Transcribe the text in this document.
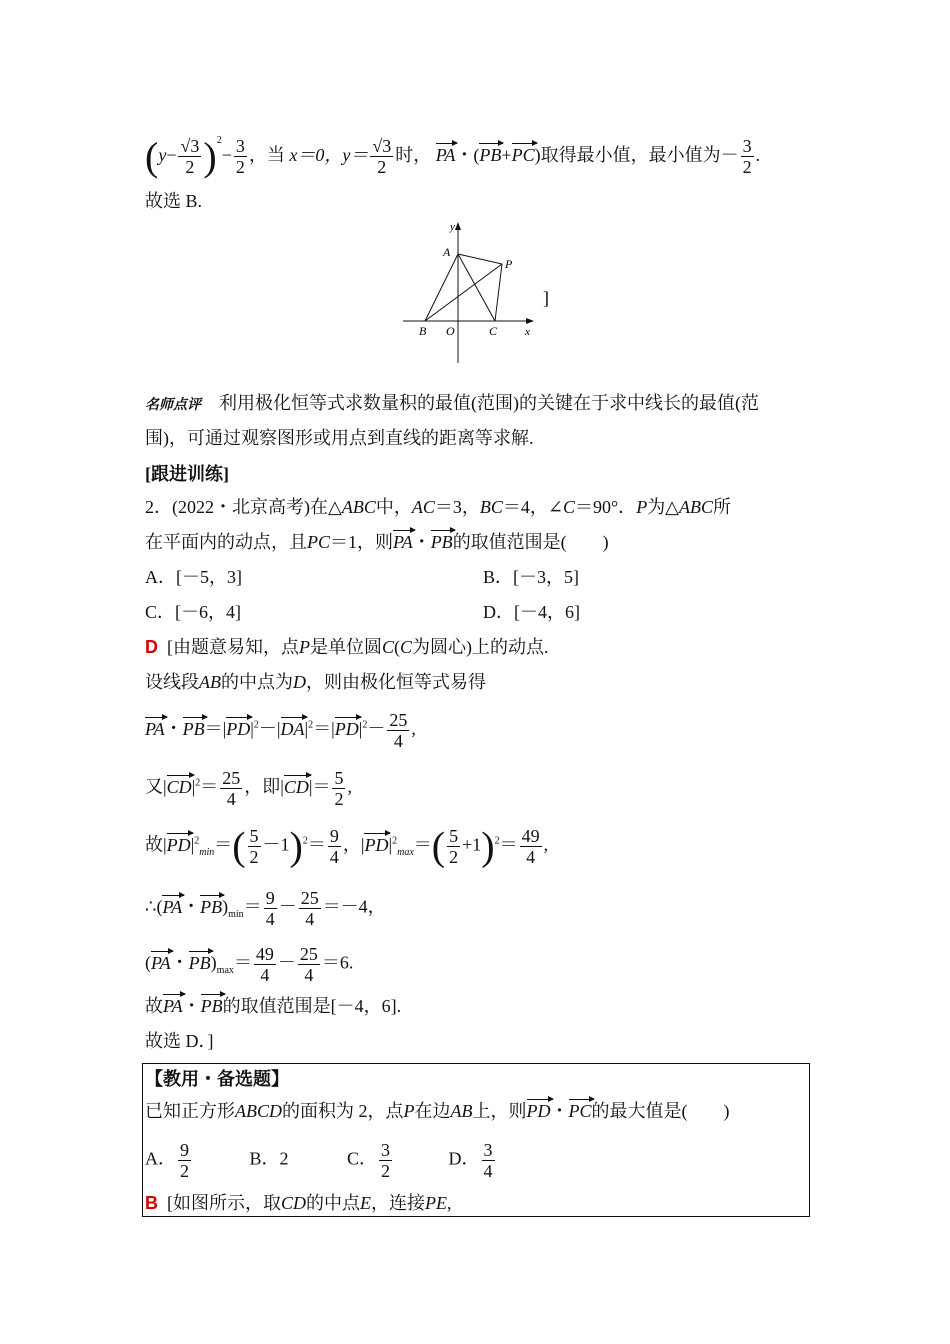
$(y- \frac{√3}{2} )^2- \frac{3}{2}$ ，当 x＝0，$y= \frac{√3}{2}$ 时， PA・(PB+PC)取得最小值，最小值为－ $\frac{3}{2}$ .
故选 B.
y
A
P
B O	C	x
]
名师点评 利用极化恒等式求数量积的最值(范围)的关键在于求中线长的最值(范
围)，可通过观察图形或用点到直线的距离等求解.
[跟进训练]
2．(2022・北京高考)在△ABC中，AC＝3，BC＝4，∠C＝90°．P为△ABC所
在平面内的动点，且PC＝1，则PA・PB的取值范围是(　　)
A．[－5，3]	B．[－3，5]
C．[－6，4]	D．[－4，6]
D [由题意易知，点P是单位圆C(C为圆心)上的动点.
设线段AB的中点为D，则由极化恒等式易得
PA・$PB=|PD|^2-|DA|^2=|PD|^2- \frac{25}{4}$ ,
又$|CD|^2= \frac{25}{4}$ ，即$|CD|= \frac{5}{2}$ ,
故$|PD|^2_{min}=( \frac{5}{2} -1)^2= \frac{9}{4}$ ，$|PD|^2_{max}=( \frac{5}{2} +1)^2= \frac{49}{4}$ ,
∴(PA・$PB)_{min}= \frac{9}{4} - \frac{25}{4} =-4$，
(PA・$PB)_{max}= \frac{49}{4} - \frac{25}{4} =6$.
故PA・PB的取值范围是[－4，6].
故选 D．]
【教用・备选题】
已知正方形ABCD的面积为 2，点P在边AB上，则PD・PC的最大值是(　　)
A． $\frac{9}{2}$	B．2	C． $\frac{3}{2}$	D． $\frac{3}{4}$
B [如图所示，取CD的中点E，连接PE,
